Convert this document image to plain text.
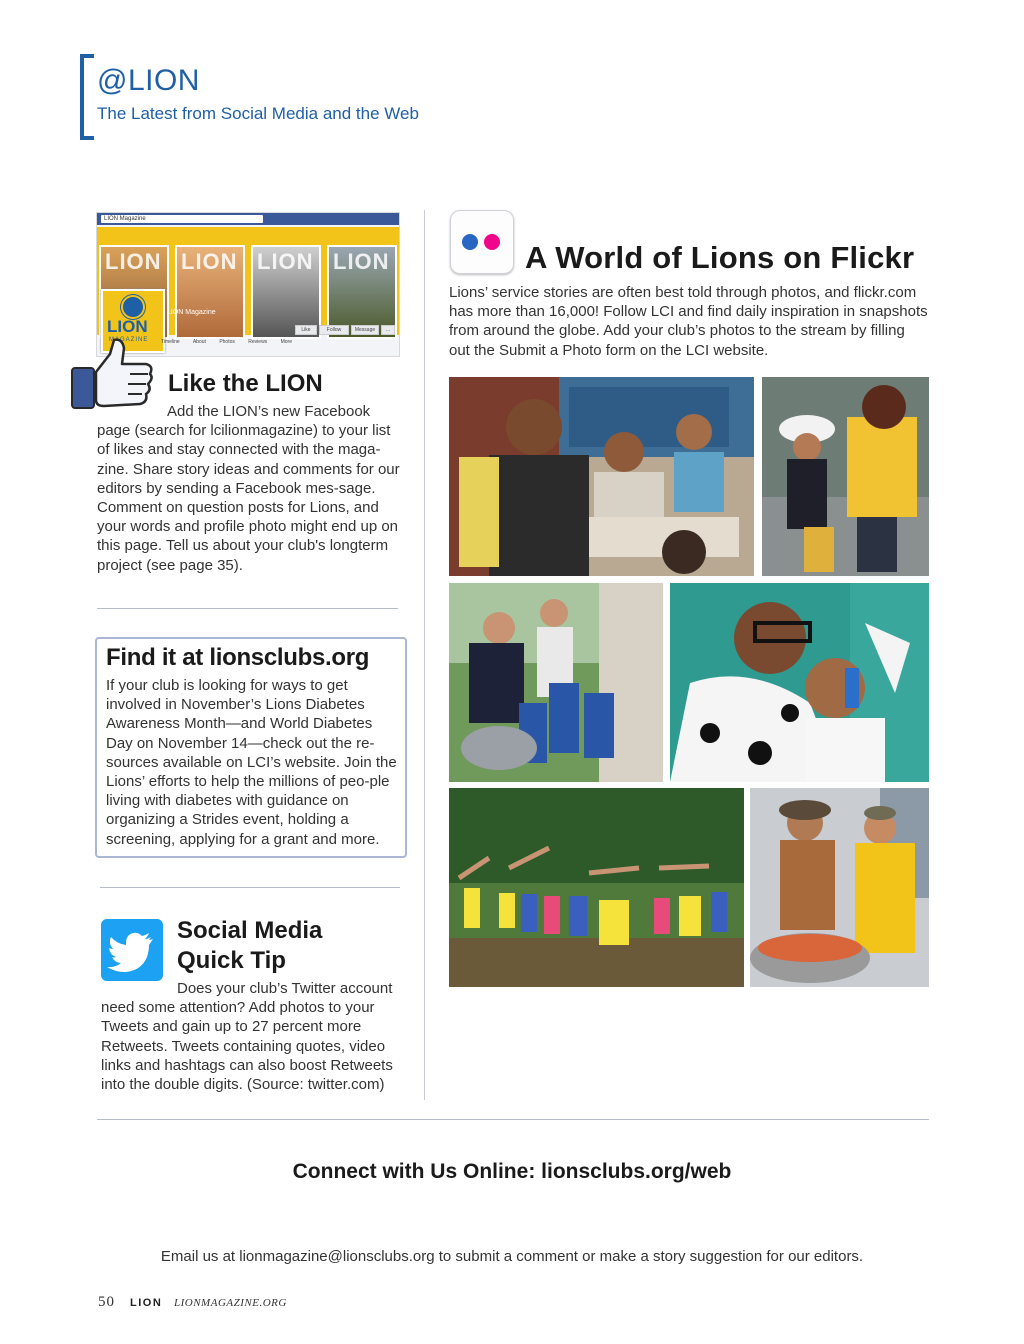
@LION
The Latest from Social Media and the Web
LION Magazine
LION LION LION LION
LION
MAGAZINE
LION Magazine
Like	Follow	Message	...
Timeline	About	Photos	Reviews	More
Like the LION
Add the LION’s new Facebook page (search for lcilionmagazine) to your list of likes and stay connected with the maga-zine. Share story ideas and comments for our editors by sending a Facebook mes-sage. Comment on question posts for Lions, and your words and profile photo might end up on this page. Tell us about your club's longterm project (see page 35).
Find it at lionsclubs.org
If your club is looking for ways to get involved in November’s Lions Diabetes Awareness Month—and World Diabetes Day on November 14—check out the re-sources available on LCI’s website. Join the Lions’ efforts to help the millions of peo-ple living with diabetes with guidance on organizing a Strides event, holding a screening, applying for a grant and more.
Social Media
Quick Tip
Does your club’s Twitter account need some attention? Add photos to your Tweets and gain up to 27 percent more Retweets. Tweets containing quotes, video links and hashtags can also boost Retweets into the double digits. (Source: twitter.com)
A World of Lions on Flickr
Lions’ service stories are often best told through photos, and flickr.com has more than 16,000! Follow LCI and find daily inspiration in snapshots from around the globe. Add your club’s photos to the stream by filling out the Submit a Photo form on the LCI website.
Connect with Us Online: lionsclubs.org/web
Email us at lionmagazine@lionsclubs.org to submit a comment or make a story suggestion for our editors.
50 LION LIONMAGAZINE.ORG
